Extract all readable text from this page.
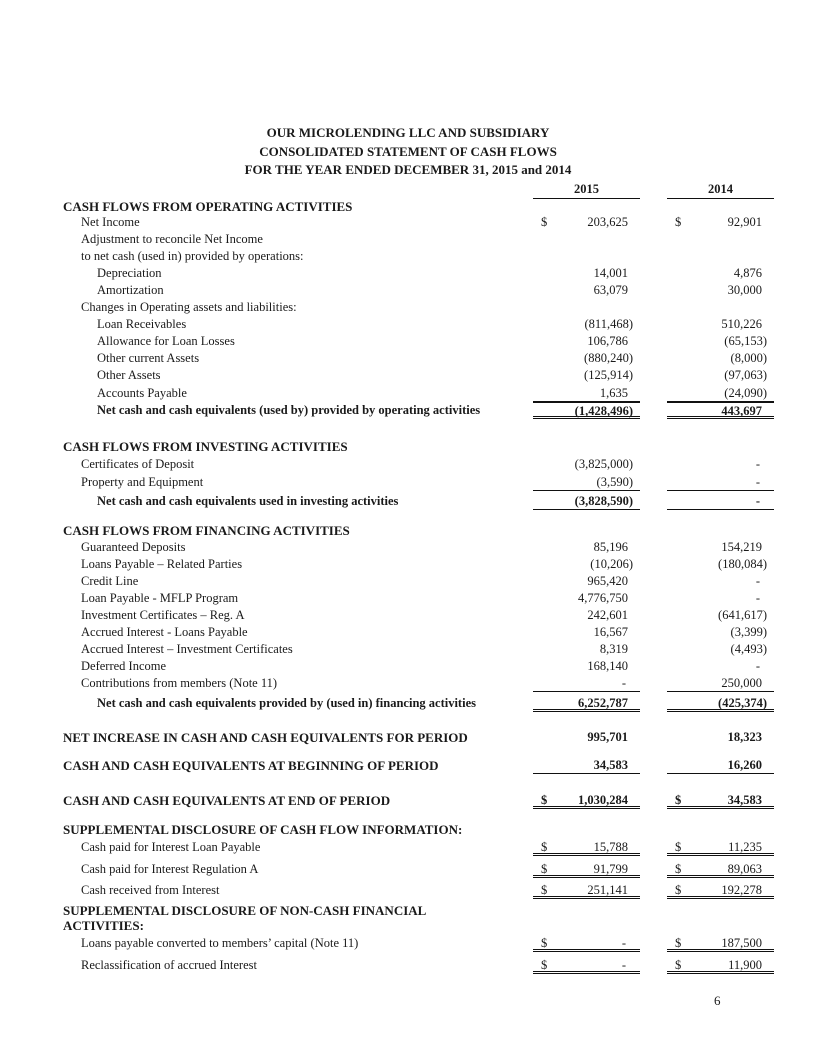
OUR MICROLENDING LLC AND SUBSIDIARY
CONSOLIDATED STATEMENT OF CASH FLOWS
FOR THE YEAR ENDED DECEMBER 31, 2015 and 2014
2015	2014
CASH FLOWS FROM OPERATING ACTIVITIES
Net Income	$	203,625	$	92,901
Adjustment to reconcile Net Income
to net cash (used in) provided by operations:
Depreciation	14,001	4,876
Amortization	63,079	30,000
Changes in Operating assets and liabilities:
Loan Receivables	(811,468)	510,226
Allowance for Loan Losses	106,786	(65,153)
Other current Assets	(880,240)	(8,000)
Other Assets	(125,914)	(97,063)
Accounts Payable	1,635	(24,090)
Net cash and cash equivalents (used by) provided by operating activities	(1,428,496)	443,697
CASH FLOWS FROM INVESTING ACTIVITIES
Certificates of Deposit	(3,825,000)	-
Property and Equipment	(3,590)	-
Net cash and cash equivalents used in investing activities	(3,828,590)	-
CASH FLOWS FROM FINANCING ACTIVITIES
Guaranteed Deposits	85,196	154,219
Loans Payable – Related Parties	(10,206)	(180,084)
Credit Line	965,420	-
Loan Payable - MFLP Program	4,776,750	-
Investment Certificates – Reg. A	242,601	(641,617)
Accrued Interest - Loans Payable	16,567	(3,399)
Accrued Interest – Investment Certificates	8,319	(4,493)
Deferred Income	168,140	-
Contributions from members (Note 11)	-	250,000
Net cash and cash equivalents provided by (used in) financing activities	6,252,787	(425,374)
NET INCREASE IN CASH AND CASH EQUIVALENTS FOR PERIOD	995,701	18,323
CASH AND CASH EQUIVALENTS AT BEGINNING OF PERIOD	34,583	16,260
CASH AND CASH EQUIVALENTS AT END OF PERIOD	$ 1,030,284	$	34,583
SUPPLEMENTAL DISCLOSURE OF CASH FLOW INFORMATION:
Cash paid for Interest Loan Payable	$	15,788	$	11,235
Cash paid for Interest Regulation A	$	91,799	$	89,063
Cash received from Interest	$	251,141	$	192,278
SUPPLEMENTAL DISCLOSURE OF NON-CASH FINANCIAL ACTIVITIES:
Loans payable converted to members’ capital (Note 11)	$	-	$	187,500
Reclassification of accrued Interest	$	-	$	11,900
6
